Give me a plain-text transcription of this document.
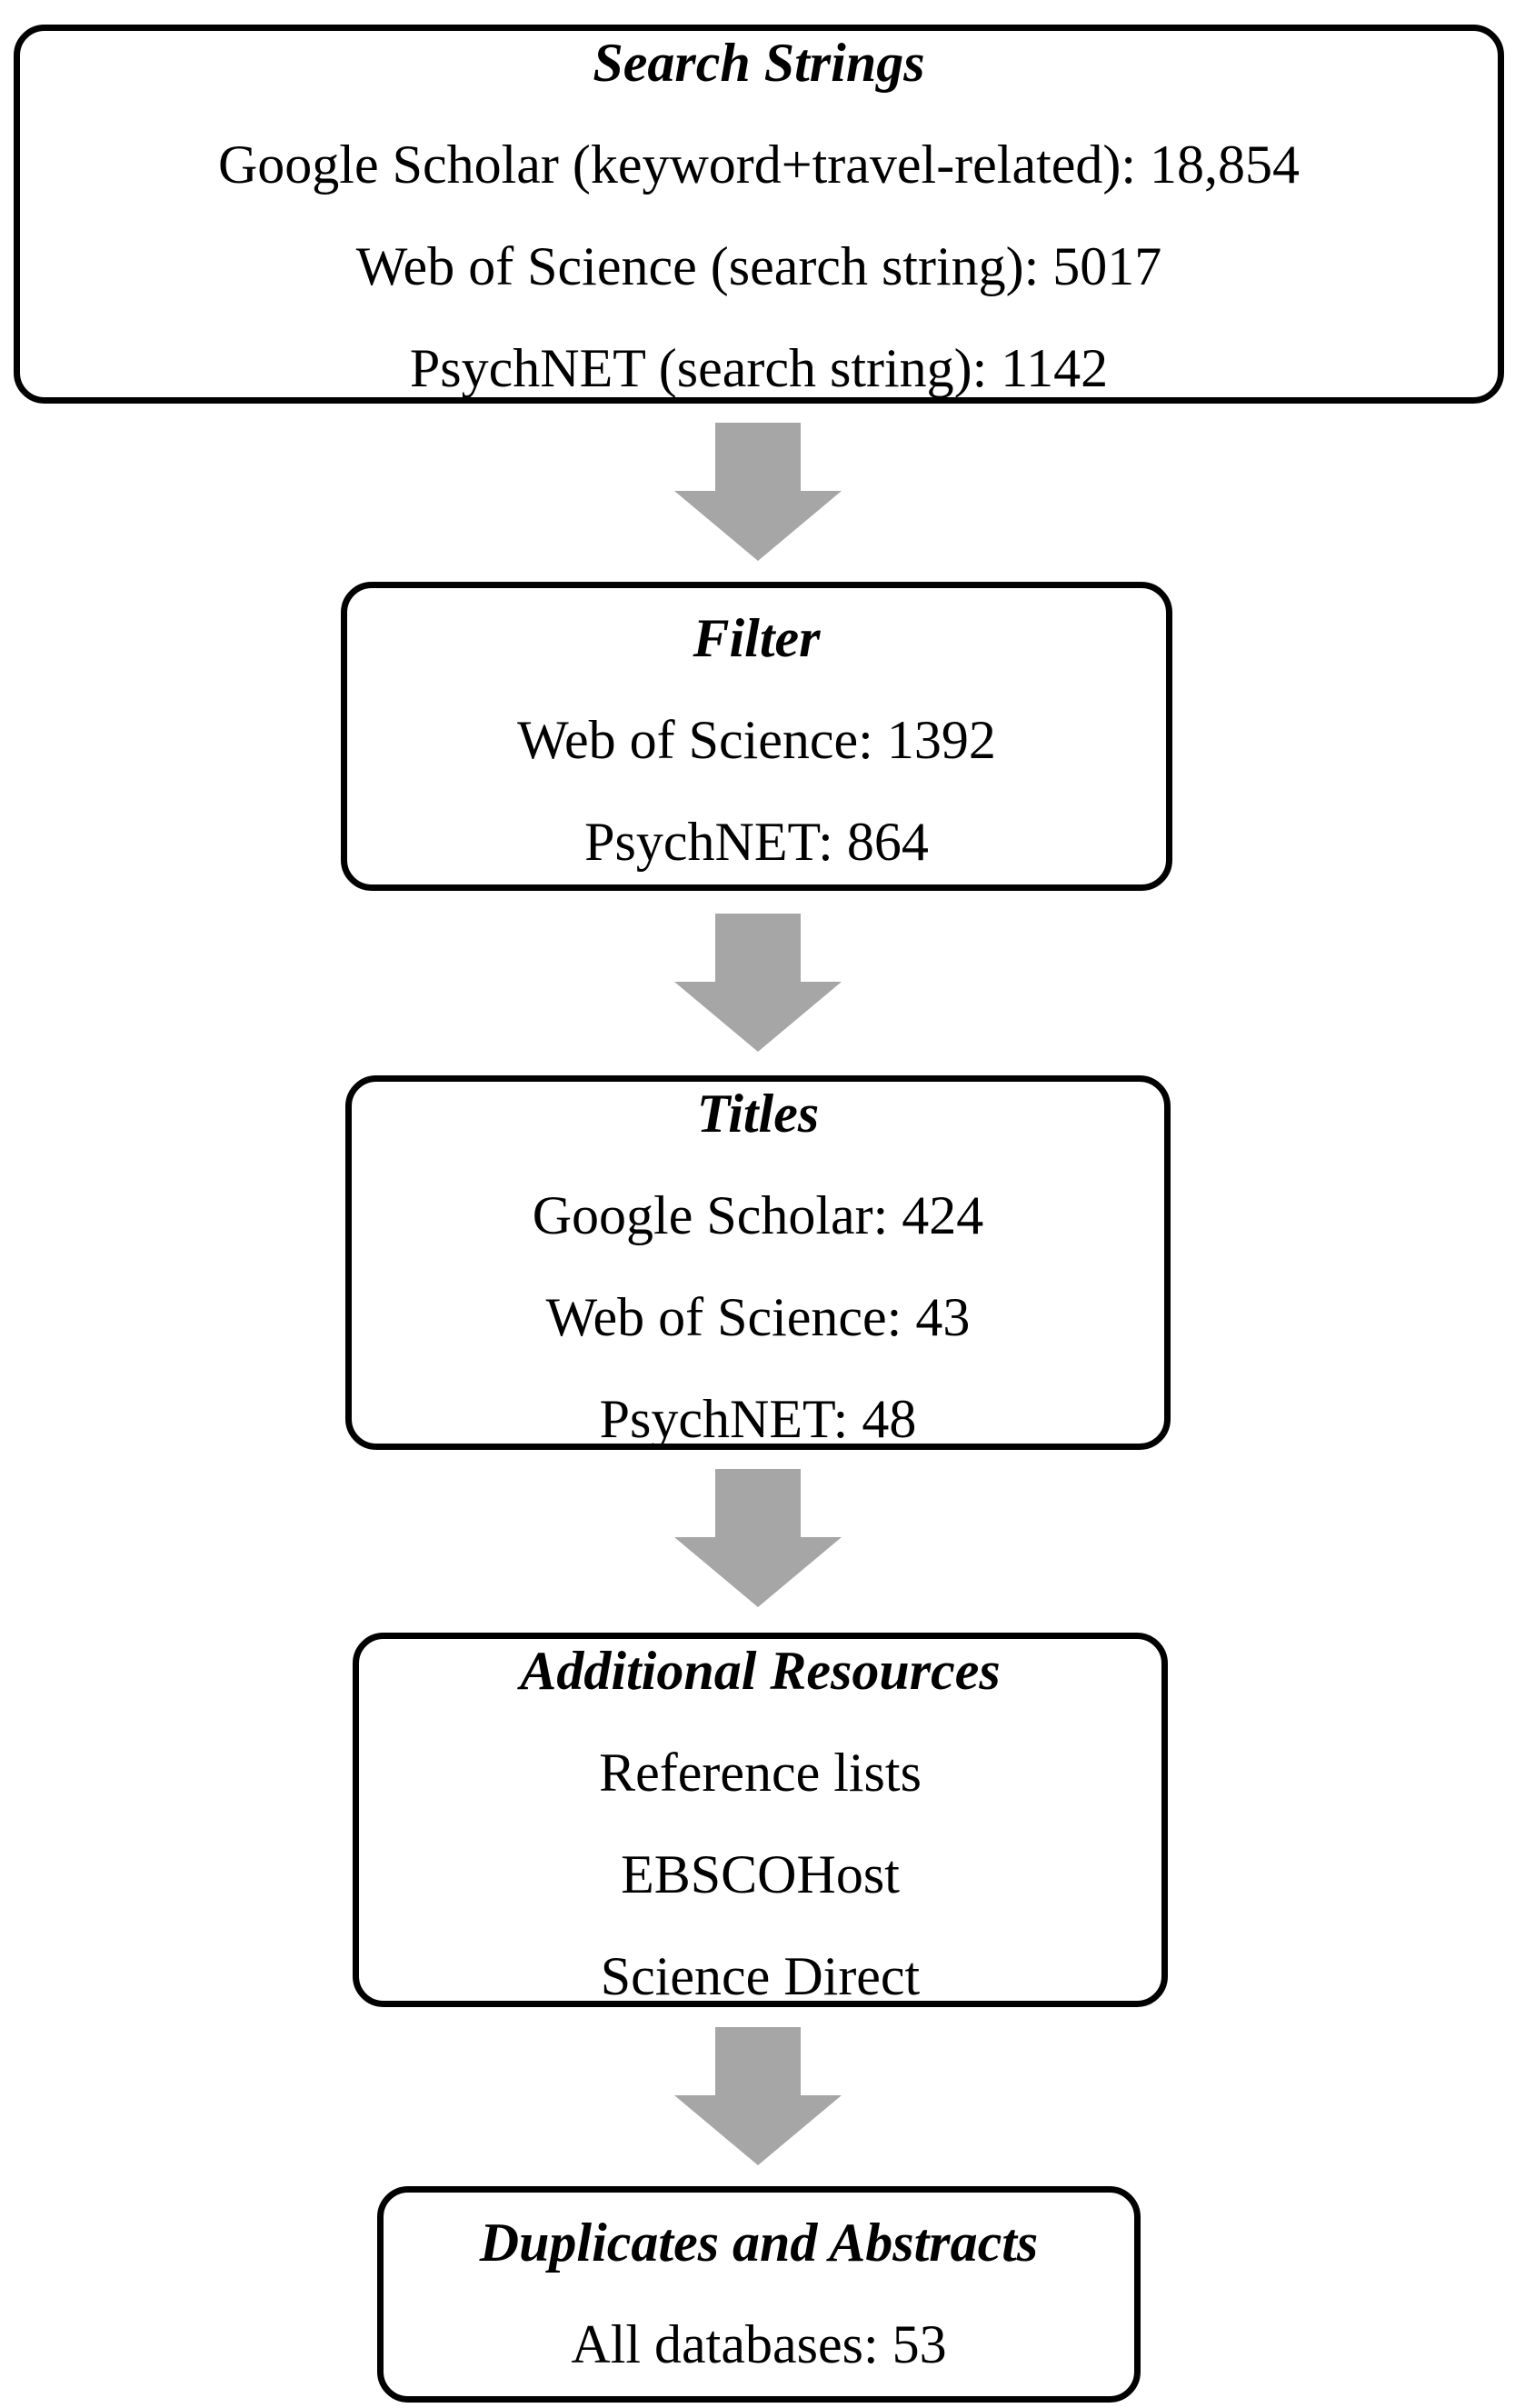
Search Strings
Google Scholar (keyword+travel-related): 18,854
Web of Science (search string): 5017
PsychNET (search string): 1142
Filter
Web of Science: 1392
PsychNET: 864
Titles
Google Scholar: 424
Web of Science: 43
PsychNET: 48
Additional Resources
Reference lists
EBSCOHost
Science Direct
Duplicates and Abstracts
All databases: 53
